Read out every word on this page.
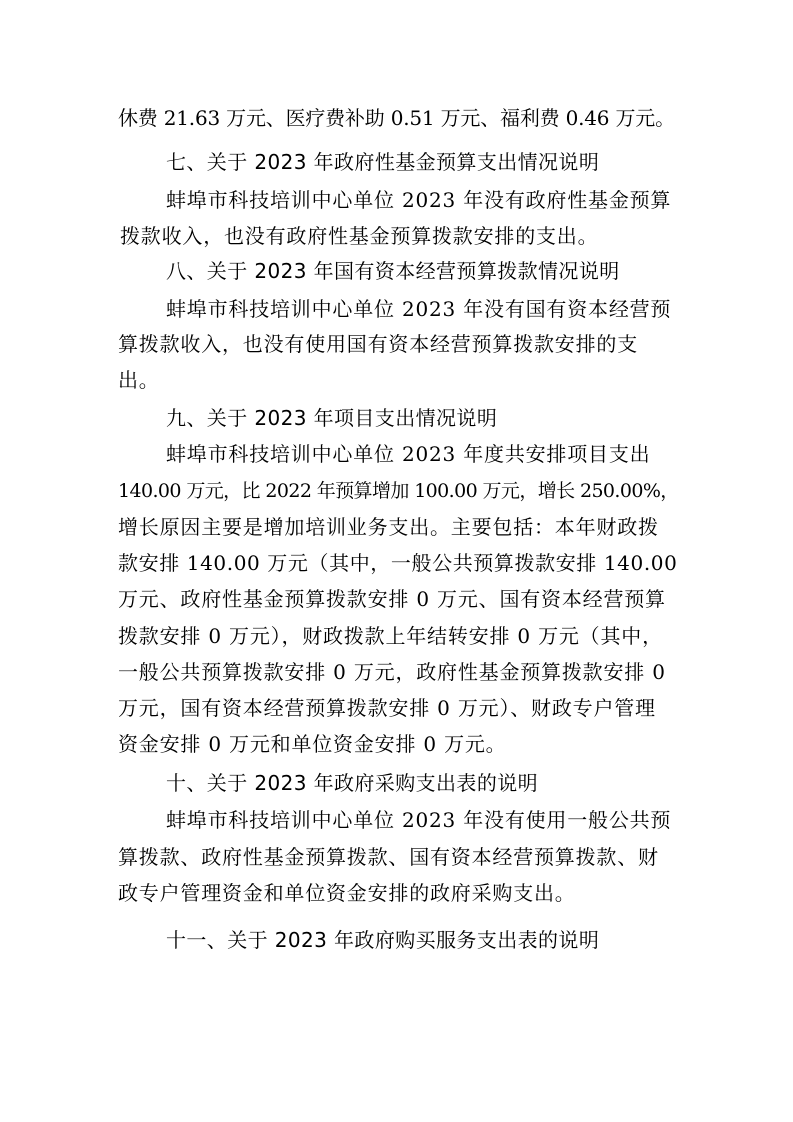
休费 21.63 万元、医疗费补助 0.51 万元、福利费 0.46 万元。
七、关于 2023 年政府性基金预算支出情况说明
蚌埠市科技培训中心单位 2023 年没有政府性基金预算
拨款收入，也没有政府性基金预算拨款安排的支出。
八、关于 2023 年国有资本经营预算拨款情况说明
蚌埠市科技培训中心单位 2023 年没有国有资本经营预
算拨款收入，也没有使用国有资本经营预算拨款安排的支
出。
九、关于 2023 年项目支出情况说明
蚌埠市科技培训中心单位 2023 年度共安排项目支出
140.00 万元，比 2022 年预算增加 100.00 万元，增长 250.00%，
增长原因主要是增加培训业务支出。主要包括：本年财政拨
款安排 140.00 万元（其中，一般公共预算拨款安排 140.00
万元、政府性基金预算拨款安排 0 万元、国有资本经营预算
拨款安排 0 万元），财政拨款上年结转安排 0 万元（其中，
一般公共预算拨款安排 0 万元，政府性基金预算拨款安排 0
万元，国有资本经营预算拨款安排 0 万元）、财政专户管理
资金安排 0 万元和单位资金安排 0 万元。
十、关于 2023 年政府采购支出表的说明
蚌埠市科技培训中心单位 2023 年没有使用一般公共预
算拨款、政府性基金预算拨款、国有资本经营预算拨款、财
政专户管理资金和单位资金安排的政府采购支出。
十一、关于 2023 年政府购买服务支出表的说明
